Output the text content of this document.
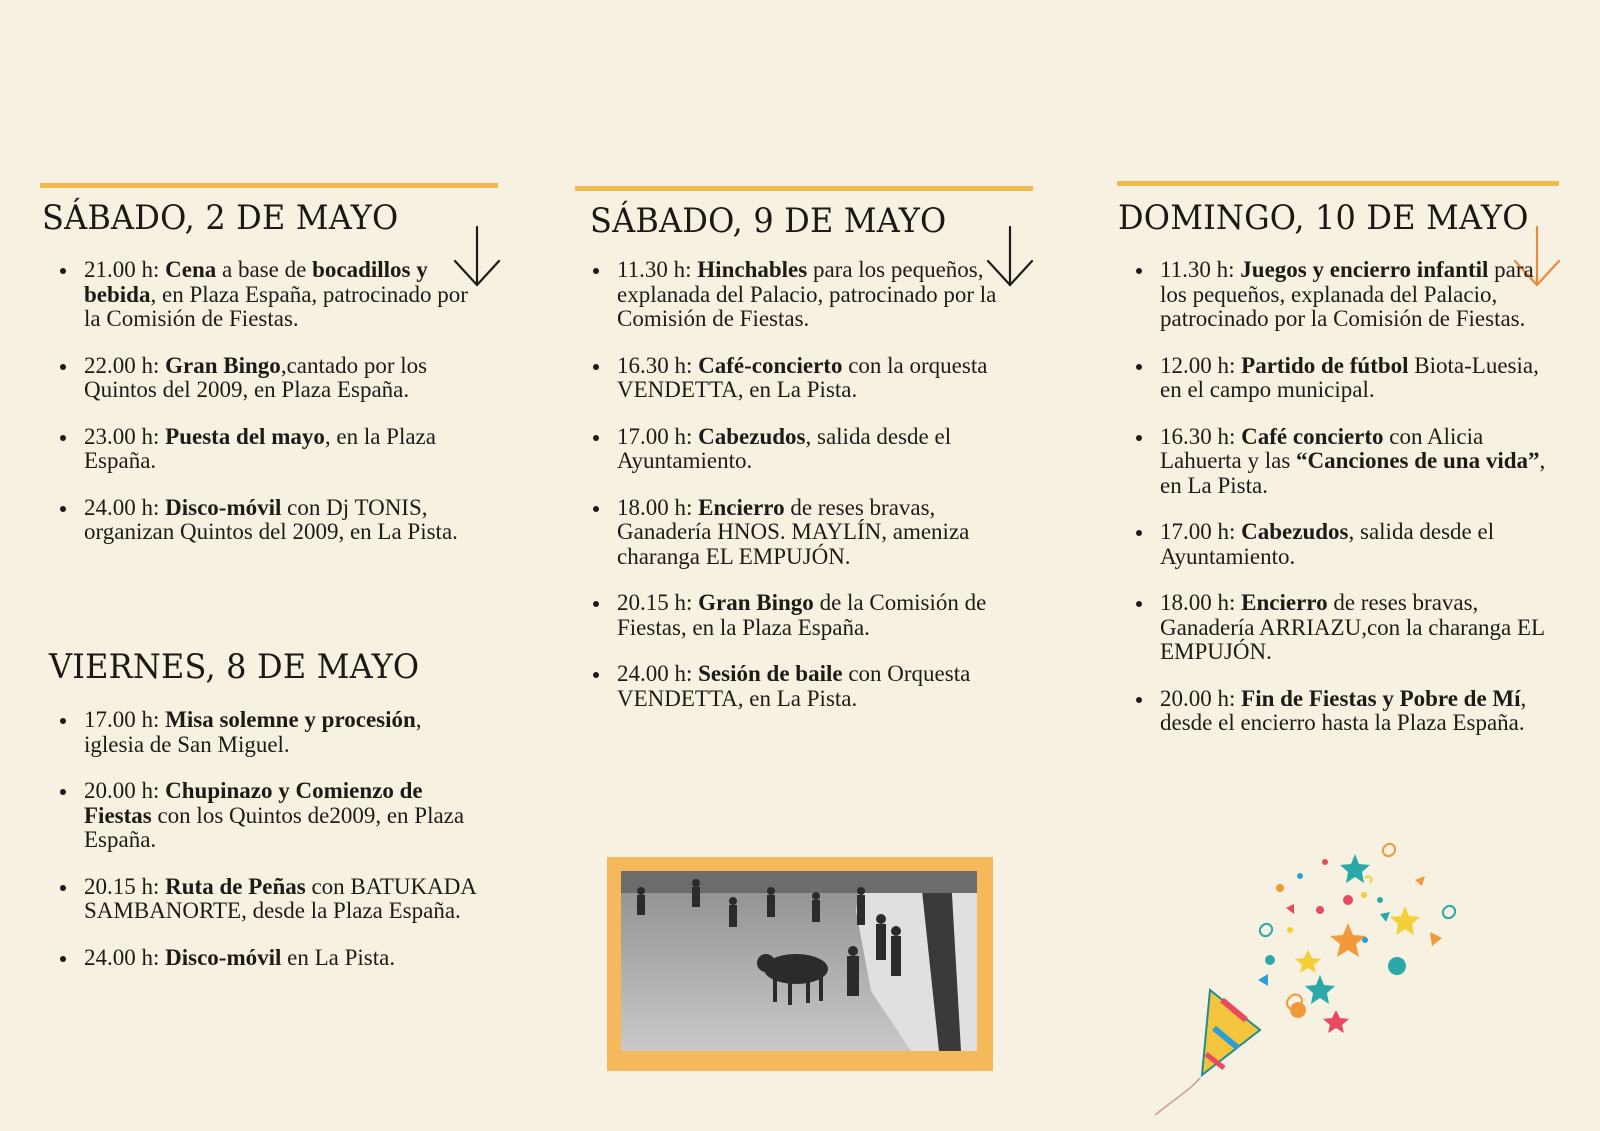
SÁBADO, 2 DE MAYO
21.00 h: Cena a base de bocadillos y bebida, en Plaza España, patrocinado por la Comisión de Fiestas.
22.00 h: Gran Bingo,cantado por los Quintos del 2009, en Plaza España.
23.00 h: Puesta del mayo, en la Plaza España.
24.00 h: Disco-móvil con Dj TONIS, organizan Quintos del 2009, en La Pista.
VIERNES, 8 DE MAYO
17.00 h: Misa solemne y procesión, iglesia de San Miguel.
20.00 h: Chupinazo y Comienzo de Fiestas con los Quintos de2009, en Plaza España.
20.15 h: Ruta de Peñas con BATUKADA SAMBANORTE, desde la Plaza España.
24.00 h: Disco-móvil en La Pista.
SÁBADO, 9 DE MAYO
11.30 h: Hinchables para los pequeños, explanada del Palacio, patrocinado por la Comisión de Fiestas.
16.30 h: Café-concierto con la orquesta VENDETTA, en La Pista.
17.00 h: Cabezudos, salida desde el Ayuntamiento.
18.00 h: Encierro de reses bravas, Ganadería HNOS. MAYLÍN, ameniza charanga EL EMPUJÓN.
20.15 h: Gran Bingo de la Comisión de Fiestas, en la Plaza España.
24.00 h: Sesión de baile con Orquesta VENDETTA, en La Pista.
DOMINGO, 10 DE MAYO
11.30 h: Juegos y encierro infantil para los pequeños, explanada del Palacio, patrocinado por la Comisión de Fiestas.
12.00 h: Partido de fútbol Biota-Luesia, en el campo municipal.
16.30 h: Café concierto con Alicia Lahuerta y las “Canciones de una vida”, en La Pista.
17.00 h: Cabezudos, salida desde el Ayuntamiento.
18.00 h: Encierro de reses bravas, Ganadería ARRIAZU,con la charanga EL EMPUJÓN.
20.00 h: Fin de Fiestas y Pobre de Mí, desde el encierro hasta la Plaza España.
